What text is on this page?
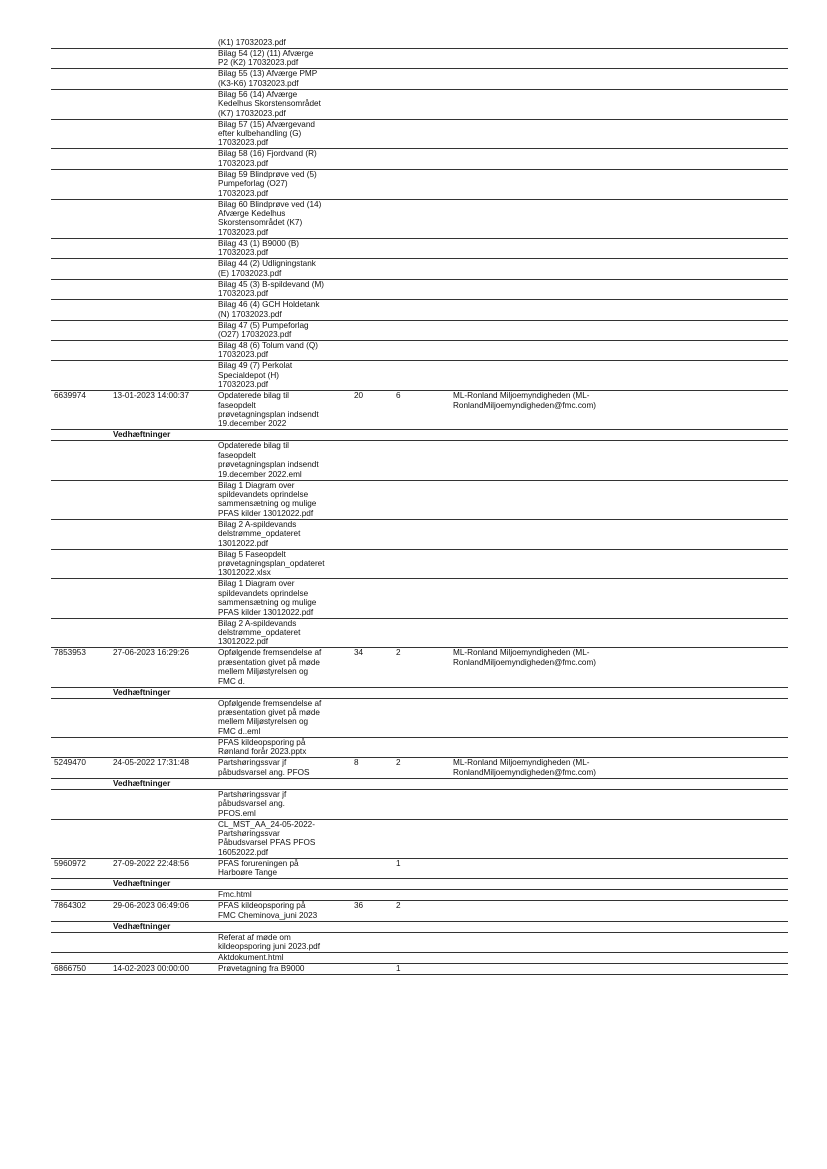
		(K1) 17032023.pdf			
		Bilag 54 (12) (11) Afværge
P2 (K2) 17032023.pdf			
		Bilag 55 (13) Afværge PMP
(K3-K6) 17032023.pdf			
		Bilag 56 (14) Afværge
Kedelhus Skorstensområdet
(K7) 17032023.pdf			
		Bilag 57 (15) Afværgevand
efter kulbehandling (G)
17032023.pdf			
		Bilag 58 (16) Fjordvand (R)
17032023.pdf			
		Bilag 59 Blindprøve ved (5)
Pumpeforlag (O27)
17032023.pdf			
		Bilag 60 Blindprøve ved (14)
Afværge Kedelhus
Skorstensområdet (K7)
17032023.pdf			
		Bilag 43 (1) B9000 (B)
17032023.pdf			
		Bilag 44 (2) Udligningstank
(E) 17032023.pdf			
		Bilag 45 (3) B-spildevand (M)
17032023.pdf			
		Bilag 46 (4) GCH Holdetank
(N) 17032023.pdf			
		Bilag 47 (5) Pumpeforlag
(O27) 17032023.pdf			
		Bilag 48 (6) Tolum vand (Q)
17032023.pdf			
		Bilag 49 (7) Perkolat
Specialdepot (H)
17032023.pdf			
6639974	13-01-2023 14:00:37	Opdaterede bilag til
faseopdelt
prøvetagningsplan indsendt
19.december 2022	20	6	ML-Ronland Miljoemyndigheden (ML-
RonlandMiljoemyndigheden@fmc.com)
	Vedhæftninger				
		Opdaterede bilag til
faseopdelt
prøvetagningsplan indsendt
19.december 2022.eml			
		Bilag 1 Diagram over
spildevandets oprindelse
sammensætning og mulige
PFAS kilder 13012022.pdf			
		Bilag 2 A-spildevands
delstrømme_opdateret
13012022.pdf			
		Bilag 5 Faseopdelt
prøvetagningsplan_opdateret
13012022.xlsx			
		Bilag 1 Diagram over
spildevandets oprindelse
sammensætning og mulige
PFAS kilder 13012022.pdf			
		Bilag 2 A-spildevands
delstrømme_opdateret
13012022.pdf			
7853953	27-06-2023 16:29:26	Opfølgende fremsendelse af
præsentation givet på møde
mellem Miljøstyrelsen og
FMC d.	34	2	ML-Ronland Miljoemyndigheden (ML-
RonlandMiljoemyndigheden@fmc.com)
	Vedhæftninger				
		Opfølgende fremsendelse af
præsentation givet på møde
mellem Miljøstyrelsen og
FMC d..eml			
		PFAS kildeopsporing på
Rønland forår 2023.pptx			
5249470	24-05-2022 17:31:48	Partshøringssvar jf
påbudsvarsel ang. PFOS	8	2	ML-Ronland Miljoemyndigheden (ML-
RonlandMiljoemyndigheden@fmc.com)
	Vedhæftninger				
		Partshøringssvar jf
påbudsvarsel ang.
PFOS.eml			
		CL_MST_AA_24-05-2022-
Partshøringssvar
Påbudsvarsel PFAS PFOS
16052022.pdf			
5960972	27-09-2022 22:48:56	PFAS forureningen på
Harboøre Tange		1	
	Vedhæftninger				
		Fmc.html			
7864302	29-06-2023 06:49:06	PFAS kildeopsporing på
FMC Cheminova_juni 2023	36	2	
	Vedhæftninger				
		Referat af møde om
kildeopsporing juni 2023.pdf			
		Aktdokument.html			
6866750	14-02-2023 00:00:00	Prøvetagning fra B9000		1	
